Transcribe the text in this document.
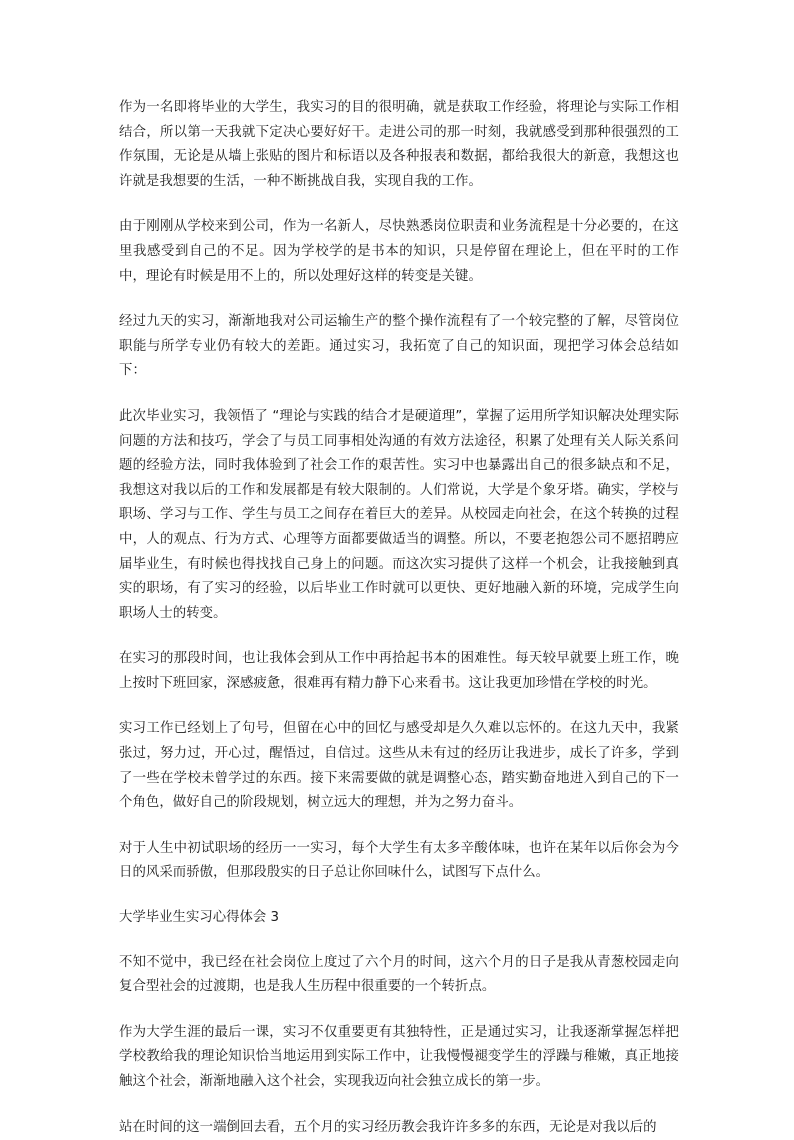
作为一名即将毕业的大学生，我实习的目的很明确，就是获取工作经验，将理论与实际工作相结合，所以第一天我就下定决心要好好干。走进公司的那一时刻，我就感受到那种很强烈的工作氛围，无论是从墙上张贴的图片和标语以及各种报表和数据，都给我很大的新意，我想这也许就是我想要的生活，一种不断挑战自我，实现自我的工作。

由于刚刚从学校来到公司，作为一名新人，尽快熟悉岗位职责和业务流程是十分必要的，在这里我感受到自己的不足。因为学校学的是书本的知识，只是停留在理论上，但在平时的工作中，理论有时候是用不上的，所以处理好这样的转变是关键。

经过九天的实习，渐渐地我对公司运输生产的整个操作流程有了一个较完整的了解，尽管岗位职能与所学专业仍有较大的差距。通过实习，我拓宽了自己的知识面，现把学习体会总结如下：

此次毕业实习，我领悟了 “理论与实践的结合才是硬道理”，掌握了运用所学知识解决处理实际问题的方法和技巧，学会了与员工同事相处沟通的有效方法途径，积累了处理有关人际关系问题的经验方法，同时我体验到了社会工作的艰苦性。实习中也暴露出自己的很多缺点和不足，我想这对我以后的工作和发展都是有较大限制的。人们常说，大学是个象牙塔。确实，学校与职场、学习与工作、学生与员工之间存在着巨大的差异。从校园走向社会，在这个转换的过程中，人的观点、行为方式、心理等方面都要做适当的调整。所以，不要老抱怨公司不愿招聘应届毕业生，有时候也得找找自己身上的问题。而这次实习提供了这样一个机会，让我接触到真实的职场，有了实习的经验，以后毕业工作时就可以更快、更好地融入新的环境，完成学生向职场人士的转变。

在实习的那段时间，也让我体会到从工作中再拾起书本的困难性。每天较早就要上班工作，晚上按时下班回家，深感疲惫，很难再有精力静下心来看书。这让我更加珍惜在学校的时光。

实习工作已经划上了句号，但留在心中的回忆与感受却是久久难以忘怀的。在这九天中，我紧张过，努力过，开心过，醒悟过，自信过。这些从未有过的经历让我进步，成长了许多，学到了一些在学校未曾学过的东西。接下来需要做的就是调整心态，踏实勤奋地进入到自己的下一个角色，做好自己的阶段规划，树立远大的理想，并为之努力奋斗。

对于人生中初试职场的经历一一实习，每个大学生有太多辛酸体味，也许在某年以后你会为今日的风采而骄傲，但那段殷实的日子总让你回味什么，试图写下点什么。

大学毕业生实习心得体会 3

不知不觉中，我已经在社会岗位上度过了六个月的时间，这六个月的日子是我从青葱校园走向复合型社会的过渡期，也是我人生历程中很重要的一个转折点。

作为大学生涯的最后一课，实习不仅重要更有其独特性，正是通过实习，让我逐渐掌握怎样把学校教给我的理论知识恰当地运用到实际工作中，让我慢慢褪变学生的浮躁与稚嫩，真正地接触这个社会，渐渐地融入这个社会，实现我迈向社会独立成长的第一步。

站在时间的这一端倒回去看，五个月的实习经历教会我许许多多的东西，无论是对我以后的
